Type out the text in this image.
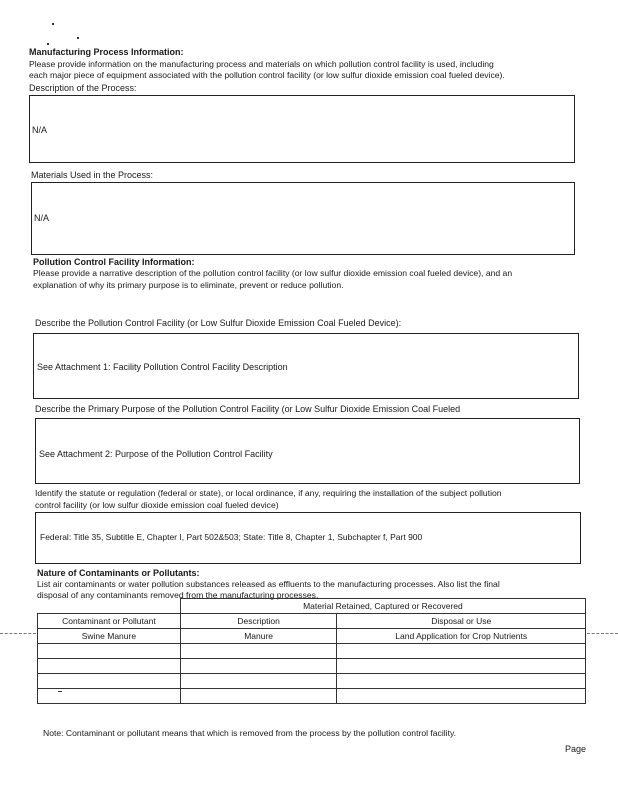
Manufacturing Process Information:
Please provide information on the manufacturing process and materials on which pollution control facility is used, including
each major piece of equipment associated with the pollution control facility (or low sulfur dioxide emission coal fueled device).
Description of the Process:
N/A
Materials Used in the Process:
N/A
Pollution Control Facility Information:
Please provide a narrative description of the pollution control facility (or low sulfur dioxide emission coal fueled device), and an
explanation of why its primary purpose is to eliminate, prevent or reduce pollution.
Describe the Pollution Control Facility (or Low Sulfur Dioxide Emission Coal Fueled Device):
See Attachment 1: Facility Pollution Control Facility Description
Describe the Primary Purpose of the Pollution Control Facility (or Low Sulfur Dioxide Emission Coal Fueled
See Attachment 2: Purpose of the Pollution Control Facility
Identify the statute or regulation (federal or state), or local ordinance, if any, requiring the installation of the subject pollution
control facility (or low sulfur dioxide emission coal fueled device)
Federal: Title 35, Subtitle E, Chapter I, Part 502&503; State: Title 8, Chapter 1, Subchapter f, Part 900
Nature of Contaminants or Pollutants:
List air contaminants or water pollution substances released as effluents to the manufacturing processes. Also list the final
disposal of any contaminants removed from the manufacturing processes.
	Material Retained, Captured or Recovered	
Contaminant or Pollutant	Description	Disposal or Use
Swine Manure	Manure	Land Application for Crop Nutrients

Note: Contaminant or pollutant means that which is removed from the process by the pollution control facility.
Page
